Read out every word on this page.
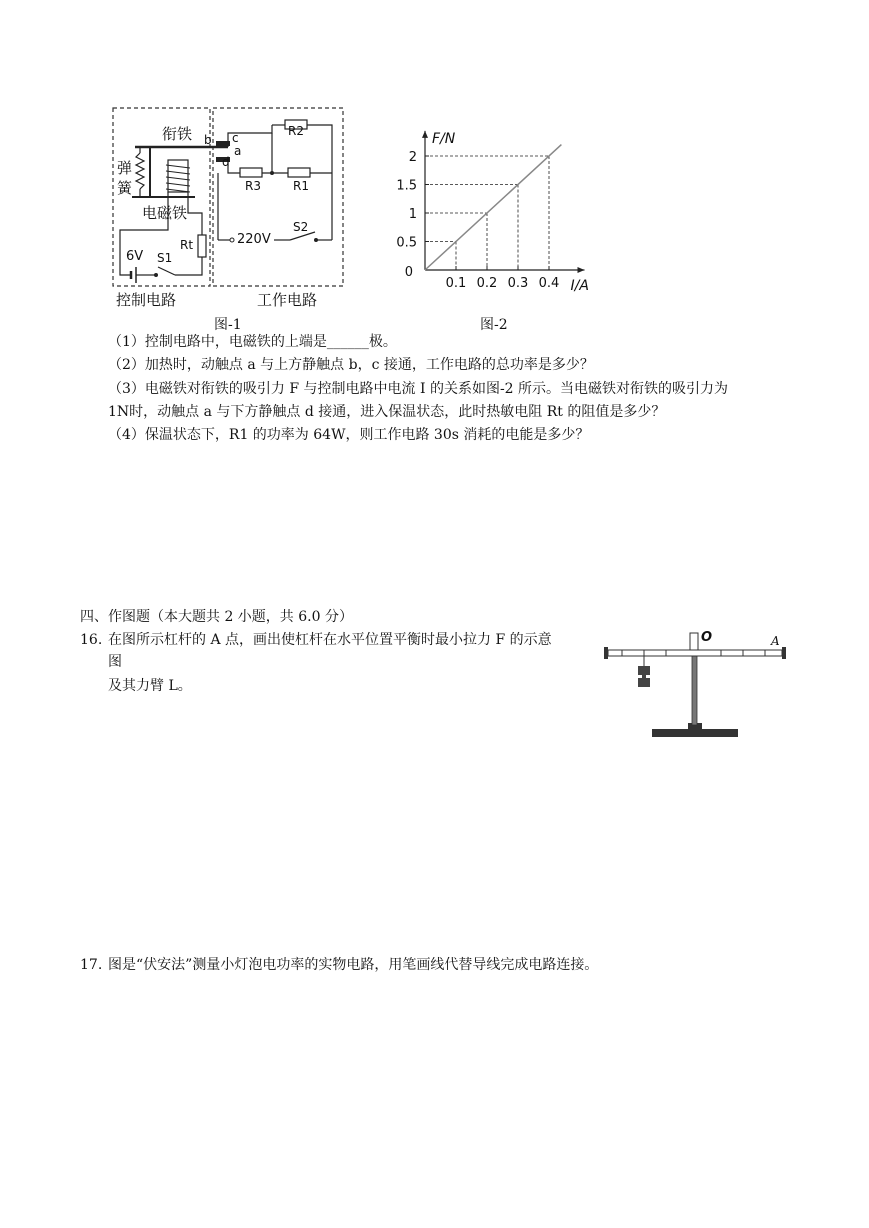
衔铁
弹
簧
电磁铁
b c
a
d
R2
R3	R1
Rt	220V
S2
6V S1
控制电路	工作电路
图-1
0.1 0.2 0.3 0.4
0.5
1
1.5
2
0
F/N
I/A
图-2
（1）控制电路中，电磁铁的上端是______极。
（2）加热时，动触点 a 与上方静触点 b，c 接通，工作电路的总功率是多少？
（3）电磁铁对衔铁的吸引力 F 与控制电路中电流 I 的关系如图-2 所示。当电磁铁对衔铁的吸引力为
1N时，动触点 a 与下方静触点 d 接通，进入保温状态，此时热敏电阻 Rt 的阻值是多少？
（4）保温状态下，R1 的功率为 64W，则工作电路 30s 消耗的电能是多少？
四、作图题（本大题共 2 小题，共 6.0 分）
16. 在图所示杠杆的 A 点，画出使杠杆在水平位置平衡时最小拉力 F 的示意
图
及其力臂 L。
O	A
17. 图是“伏安法”测量小灯泡电功率的实物电路，用笔画线代替导线完成电路连接。
